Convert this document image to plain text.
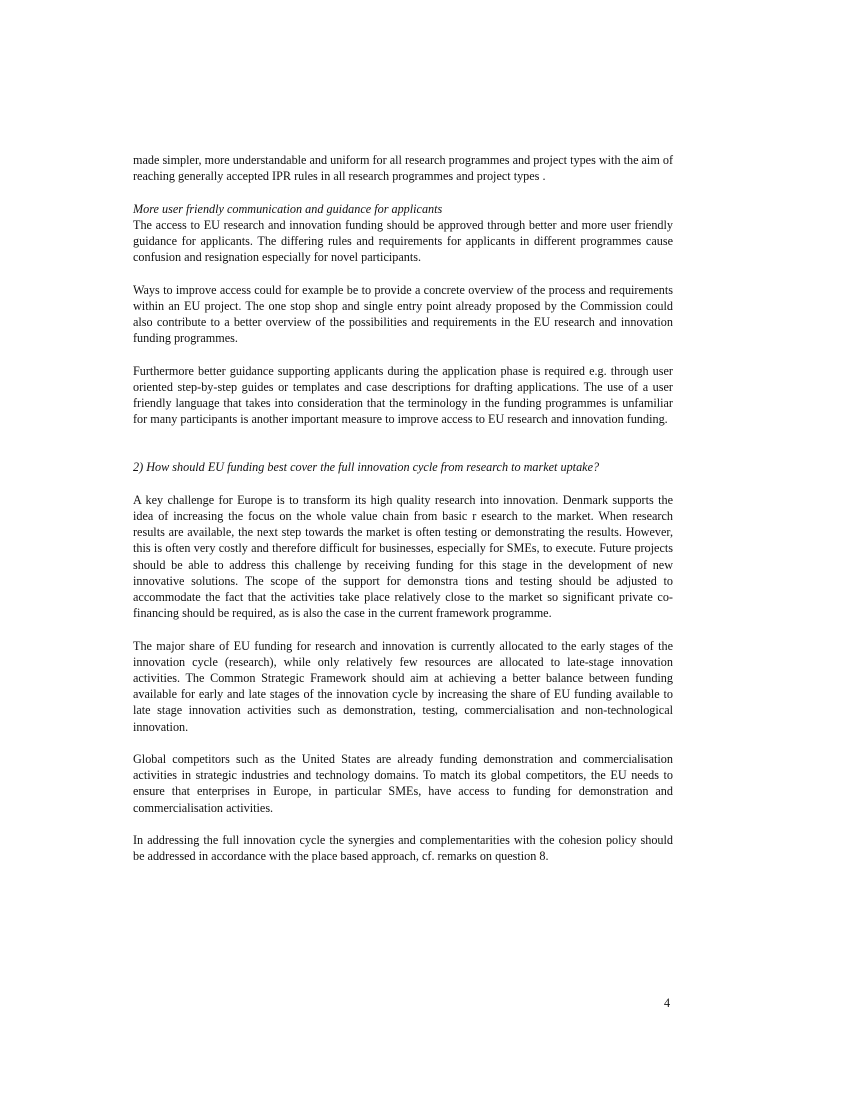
made simpler, more understandable and uniform for all research programmes and project types with the aim of reaching generally accepted IPR rules in all research programmes and project types .

More user friendly communication and guidance for applicants

The access to EU research and innovation funding should be approved through better and more user friendly guidance for applicants. The differing rules and requirements for applicants in different programmes cause confusion and resignation especially for novel participants.

Ways to improve access could for example be to provide a concrete overview of the process and requirements within an EU project. The one stop shop and single entry point already proposed by the Commission could also contribute to a better overview of the possibilities and requirements in the EU research and innovation funding programmes.

Furthermore better guidance supporting applicants during the application phase is required e.g. through user oriented step-by-step guides or templates and case descriptions for drafting applications. The use of a user friendly language that takes into consideration that the terminology in the funding programmes is unfamiliar for many participants is another important measure to improve access to EU research and innovation funding.

2) How should EU funding best cover the full innovation cycle from research to market uptake?

A key challenge for Europe is to transform its high quality research into innovation. Denmark supports the idea of increasing the focus on the whole value chain from basic r esearch to the market. When research results are available, the next step towards the market is often testing or demonstrating the results. However, this is often very costly and therefore difficult for businesses, especially for SMEs, to execute. Future projects should be able to address this challenge by receiving funding for this stage in the development of new innovative solutions. The scope of the support for demonstra tions and testing should be adjusted to accommodate the fact that the activities take place relatively close to the market so significant private co-financing should be required, as is also the case in the current framework programme.

The major share of EU funding for research and innovation is currently allocated to the early stages of the innovation cycle (research), while only relatively few resources are allocated to late-stage innovation activities. The Common Strategic Framework should aim at achieving a better balance between funding available for early and late stages of the innovation cycle by increasing the share of EU funding available to late stage innovation activities such as demonstration, testing, commercialisation and non-technological innovation.

Global competitors such as the United States are already funding demonstration and commercialisation activities in strategic industries and technology domains. To match its global competitors, the EU needs to ensure that enterprises in Europe, in particular SMEs, have access to funding for demonstration and commercialisation activities.

In addressing the full innovation cycle the synergies and complementarities with the cohesion policy should be addressed in accordance with the place based approach, cf. remarks on question 8.

4
